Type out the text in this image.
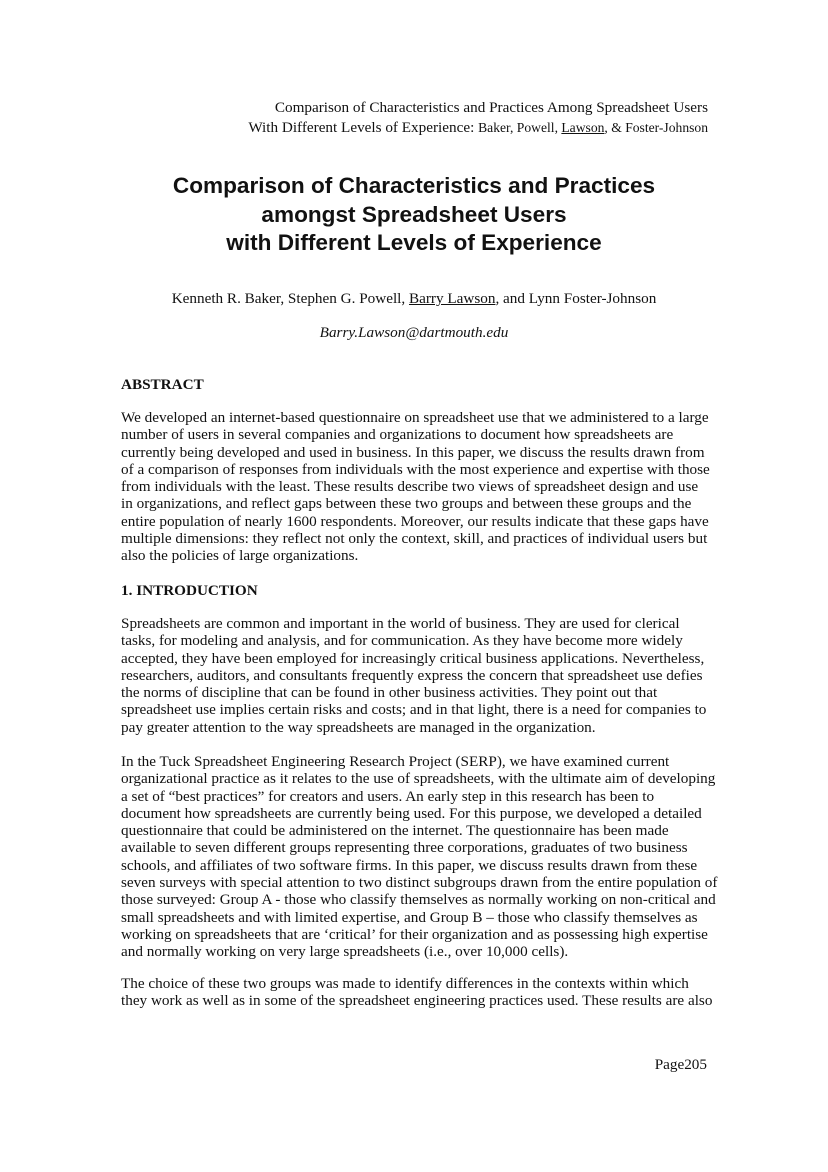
Comparison of Characteristics and Practices Among Spreadsheet Users
With Different Levels of Experience: Baker, Powell, Lawson, & Foster-Johnson
Comparison of Characteristics and Practices
amongst Spreadsheet Users
with Different Levels of Experience
Kenneth R. Baker, Stephen G. Powell, Barry Lawson, and Lynn Foster-Johnson
Barry.Lawson@dartmouth.edu
ABSTRACT
We developed an internet-based questionnaire on spreadsheet use that we administered to a large
number of users in several companies and organizations to document how spreadsheets are
currently being developed and used in business. In this paper, we discuss the results drawn from
of a comparison of responses from individuals with the most experience and expertise with those
from individuals with the least. These results describe two views of spreadsheet design and use
in organizations, and reflect gaps between these two groups and between these groups and the
entire population of nearly 1600 respondents. Moreover, our results indicate that these gaps have
multiple dimensions: they reflect not only the context, skill, and practices of individual users but
also the policies of large organizations.
1. INTRODUCTION
Spreadsheets are common and important in the world of business. They are used for clerical
tasks, for modeling and analysis, and for communication. As they have become more widely
accepted, they have been employed for increasingly critical business applications. Nevertheless,
researchers, auditors, and consultants frequently express the concern that spreadsheet use defies
the norms of discipline that can be found in other business activities. They point out that
spreadsheet use implies certain risks and costs; and in that light, there is a need for companies to
pay greater attention to the way spreadsheets are managed in the organization.
In the Tuck Spreadsheet Engineering Research Project (SERP), we have examined current
organizational practice as it relates to the use of spreadsheets, with the ultimate aim of developing
a set of “best practices” for creators and users. An early step in this research has been to
document how spreadsheets are currently being used. For this purpose, we developed a detailed
questionnaire that could be administered on the internet. The questionnaire has been made
available to seven different groups representing three corporations, graduates of two business
schools, and affiliates of two software firms. In this paper, we discuss results drawn from these
seven surveys with special attention to two distinct subgroups drawn from the entire population of
those surveyed: Group A - those who classify themselves as normally working on non-critical and
small spreadsheets and with limited expertise, and Group B – those who classify themselves as
working on spreadsheets that are ‘critical’ for their organization and as possessing high expertise
and normally working on very large spreadsheets (i.e., over 10,000 cells).
The choice of these two groups was made to identify differences in the contexts within which
they work as well as in some of the spreadsheet engineering practices used. These results are also
Page205
